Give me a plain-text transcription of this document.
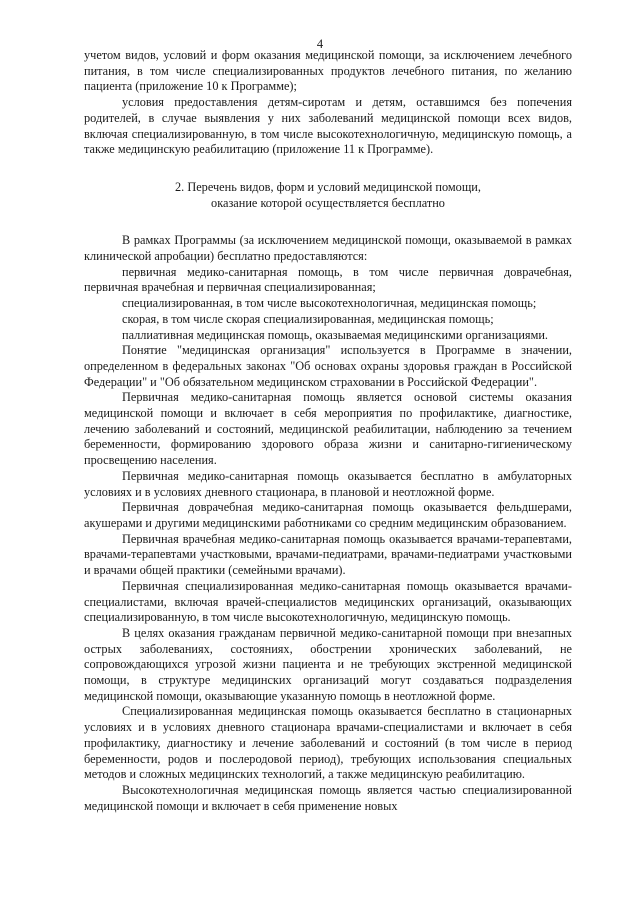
4

учетом видов, условий и форм оказания медицинской помощи, за исключением лечебного питания, в том числе специализированных продуктов лечебного питания, по желанию пациента (приложение 10 к Программе);

условия предоставления детям-сиротам и детям, оставшимся без попечения родителей, в случае выявления у них заболеваний медицинской помощи всех видов, включая специализированную, в том числе высокотехнологичную, медицинскую помощь, а также медицинскую реабилитацию (приложение 11 к Программе).

2. Перечень видов, форм и условий медицинской помощи,
оказание которой осуществляется бесплатно

В рамках Программы (за исключением медицинской помощи, оказываемой в рамках клинической апробации) бесплатно предоставляются:

первичная медико-санитарная помощь, в том числе первичная доврачебная, первичная врачебная и первичная специализированная;

специализированная, в том числе высокотехнологичная, медицинская помощь;

скорая, в том числе скорая специализированная, медицинская помощь;

паллиативная медицинская помощь, оказываемая медицинскими организациями.

Понятие "медицинская организация" используется в Программе в значении, определенном в федеральных законах "Об основах охраны здоровья граждан в Российской Федерации" и "Об обязательном медицинском страховании в Российской Федерации".

Первичная медико-санитарная помощь является основой системы оказания медицинской помощи и включает в себя мероприятия по профилактике, диагностике, лечению заболеваний и состояний, медицинской реабилитации, наблюдению за течением беременности, формированию здорового образа жизни и санитарно-гигиеническому просвещению населения.

Первичная медико-санитарная помощь оказывается бесплатно в амбулаторных условиях и в условиях дневного стационара, в плановой и неотложной форме.

Первичная доврачебная медико-санитарная помощь оказывается фельдшерами, акушерами и другими медицинскими работниками со средним медицинским образованием.

Первичная врачебная медико-санитарная помощь оказывается врачами-терапевтами, врачами-терапевтами участковыми, врачами-педиатрами, врачами-педиатрами участковыми и врачами общей практики (семейными врачами).

Первичная специализированная медико-санитарная помощь оказывается врачами-специалистами, включая врачей-специалистов медицинских организаций, оказывающих специализированную, в том числе высокотехнологичную, медицинскую помощь.

В целях оказания гражданам первичной медико-санитарной помощи при внезапных острых заболеваниях, состояниях, обострении хронических заболеваний, не сопровождающихся угрозой жизни пациента и не требующих экстренной медицинской помощи, в структуре медицинских организаций могут создаваться подразделения медицинской помощи, оказывающие указанную помощь в неотложной форме.

Специализированная медицинская помощь оказывается бесплатно в стационарных условиях и в условиях дневного стационара врачами-специалистами и включает в себя профилактику, диагностику и лечение заболеваний и состояний (в том числе в период беременности, родов и послеродовой период), требующих использования специальных методов и сложных медицинских технологий, а также медицинскую реабилитацию.

Высокотехнологичная медицинская помощь является частью специализированной медицинской помощи и включает в себя применение новых
